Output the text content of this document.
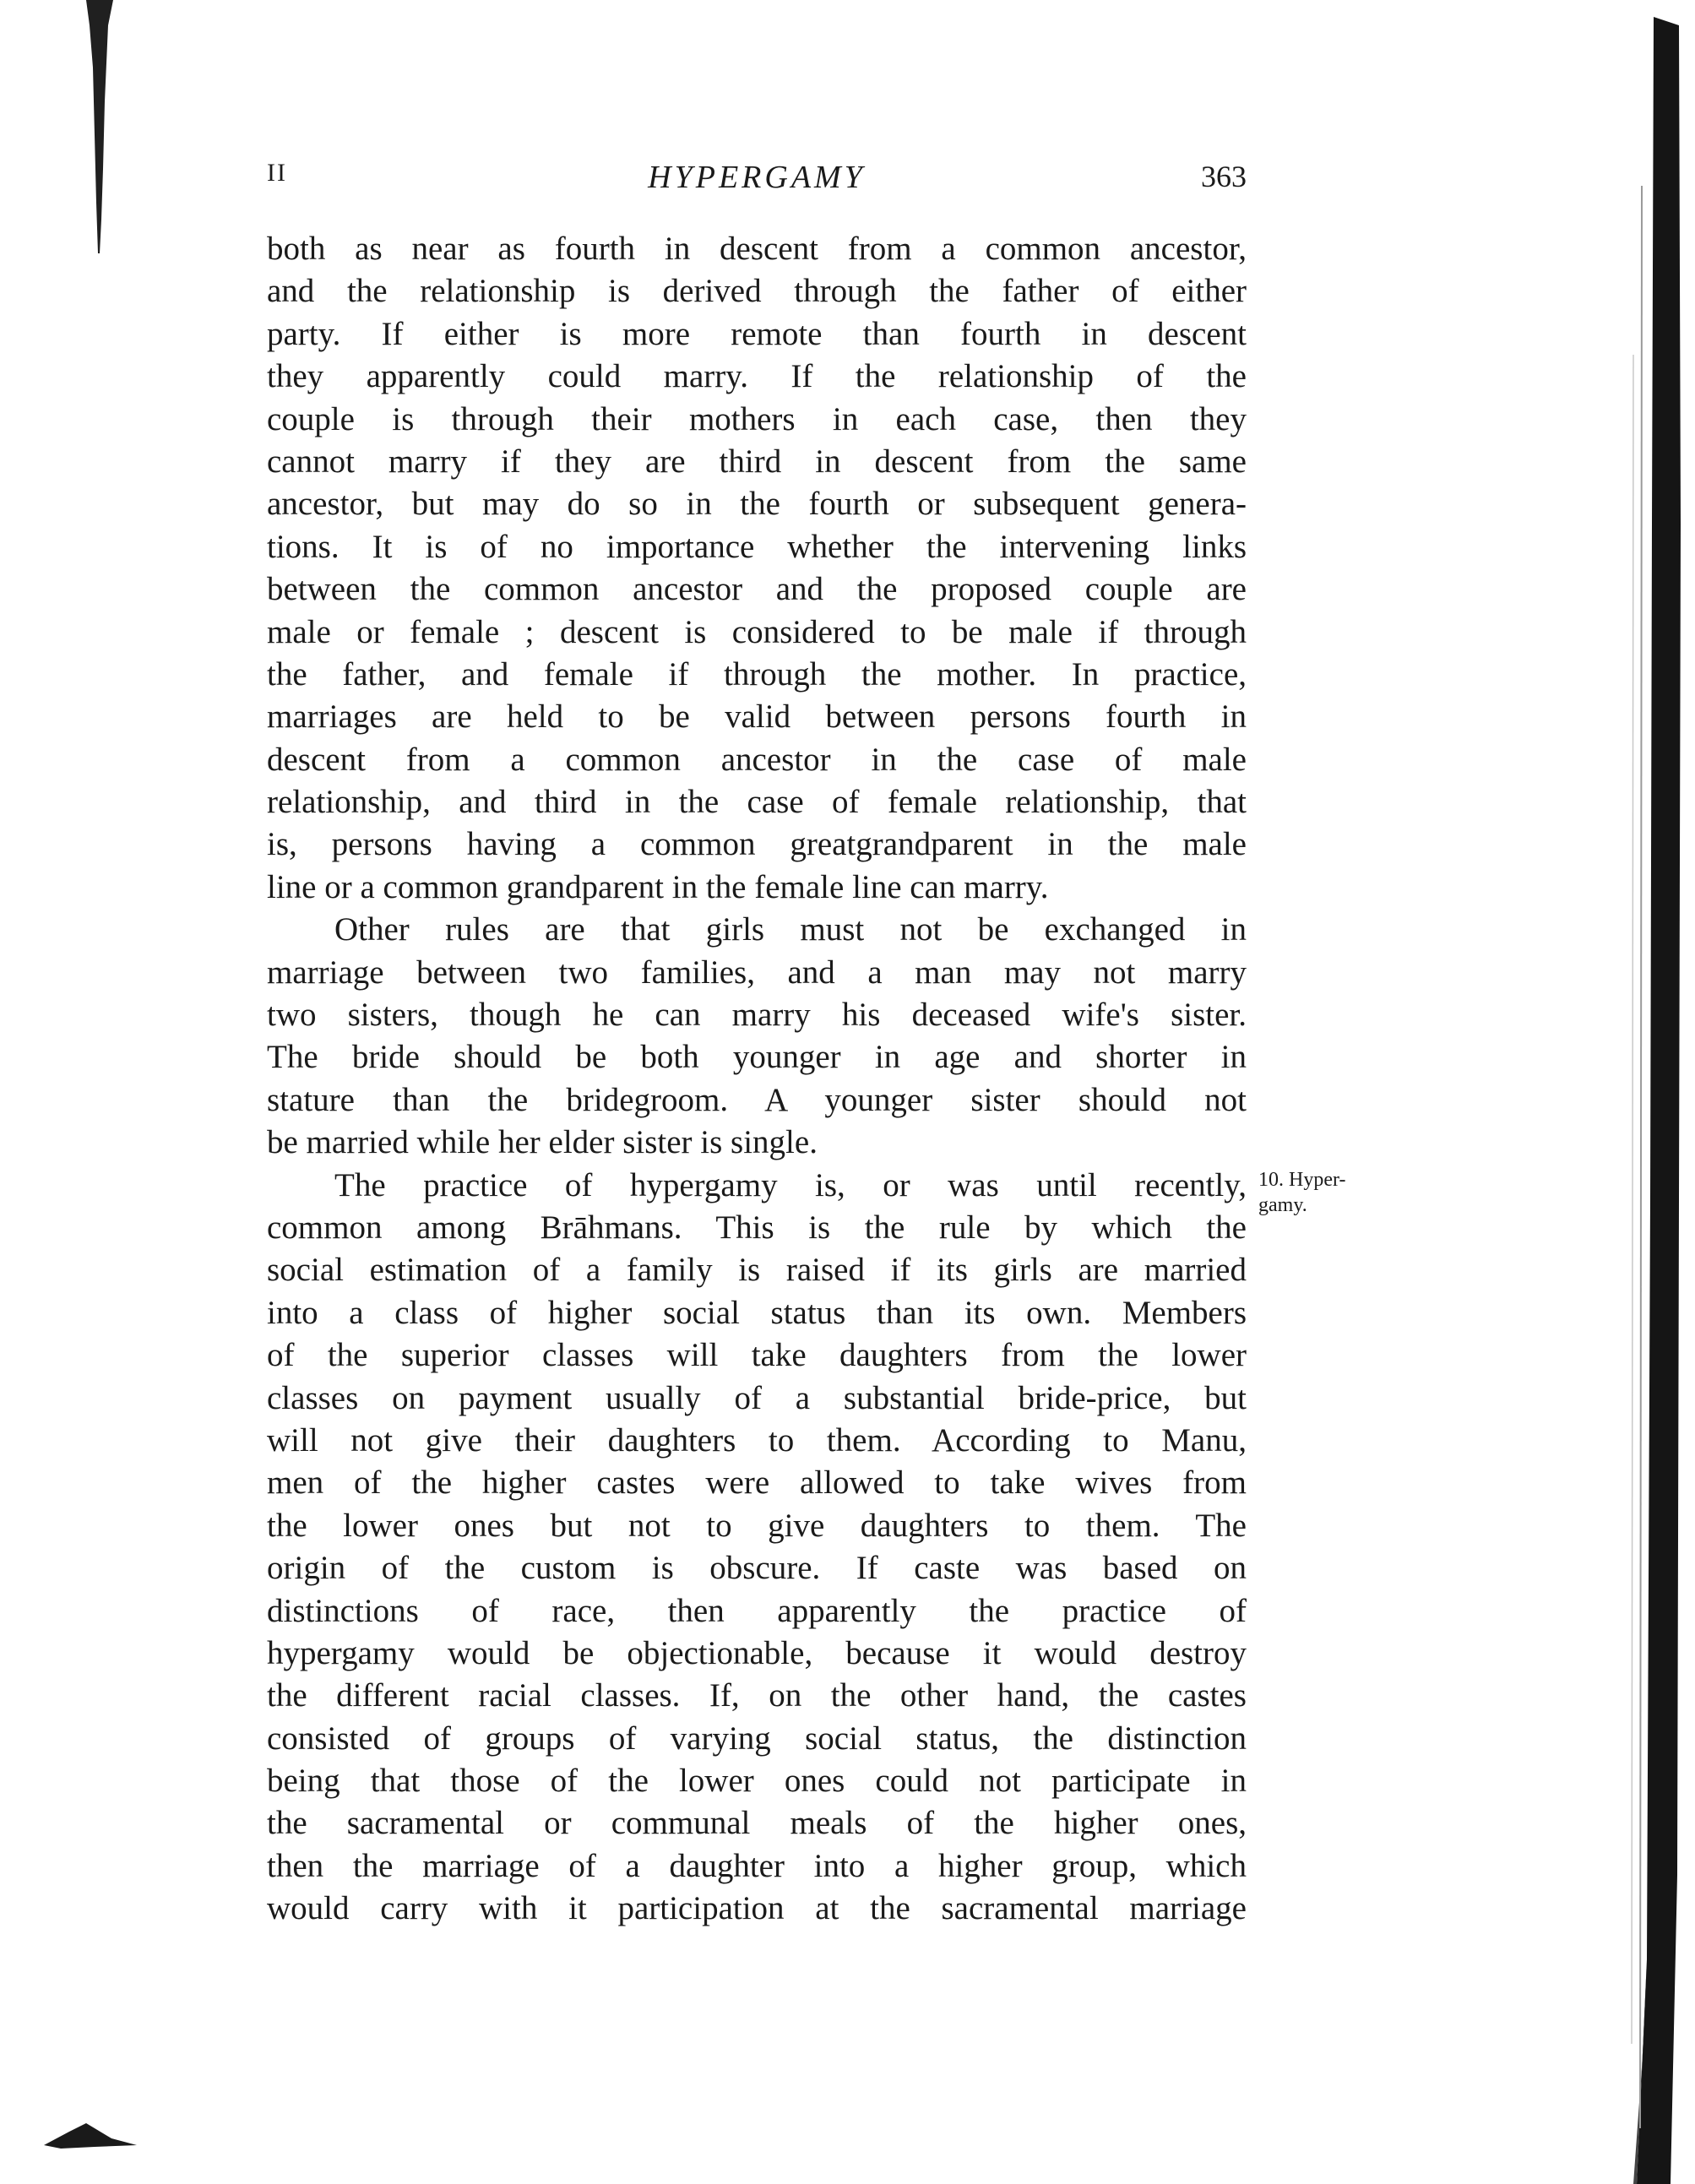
II	HYPERGAMY	363
both as near as fourth in descent from a common ancestor,
and the relationship is derived through the father of either
party. If either is more remote than fourth in descent
they apparently could marry. If the relationship of the
couple is through their mothers in each case, then they
cannot marry if they are third in descent from the same
ancestor, but may do so in the fourth or subsequent genera-
tions. It is of no importance whether the intervening links
between the common ancestor and the proposed couple are
male or female ; descent is considered to be male if through
the father, and female if through the mother. In practice,
marriages are held to be valid between persons fourth in
descent from a common ancestor in the case of male
relationship, and third in the case of female relationship, that
is, persons having a common greatgrandparent in the male
line or a common grandparent in the female line can marry.
Other rules are that girls must not be exchanged in
marriage between two families, and a man may not marry
two sisters, though he can marry his deceased wife's sister.
The bride should be both younger in age and shorter in
stature than the bridegroom. A younger sister should not
be married while her elder sister is single.
The practice of hypergamy is, or was until recently,
common among Brāhmans. This is the rule by which the
social estimation of a family is raised if its girls are married
into a class of higher social status than its own. Members
of the superior classes will take daughters from the lower
classes on payment usually of a substantial bride-price, but
will not give their daughters to them. According to Manu,
men of the higher castes were allowed to take wives from
the lower ones but not to give daughters to them. The
origin of the custom is obscure. If caste was based on
distinctions of race, then apparently the practice of
hypergamy would be objectionable, because it would destroy
the different racial classes. If, on the other hand, the castes
consisted of groups of varying social status, the distinction
being that those of the lower ones could not participate in
the sacramental or communal meals of the higher ones,
then the marriage of a daughter into a higher group, which
would carry with it participation at the sacramental marriage
10. Hyper-
gamy.
